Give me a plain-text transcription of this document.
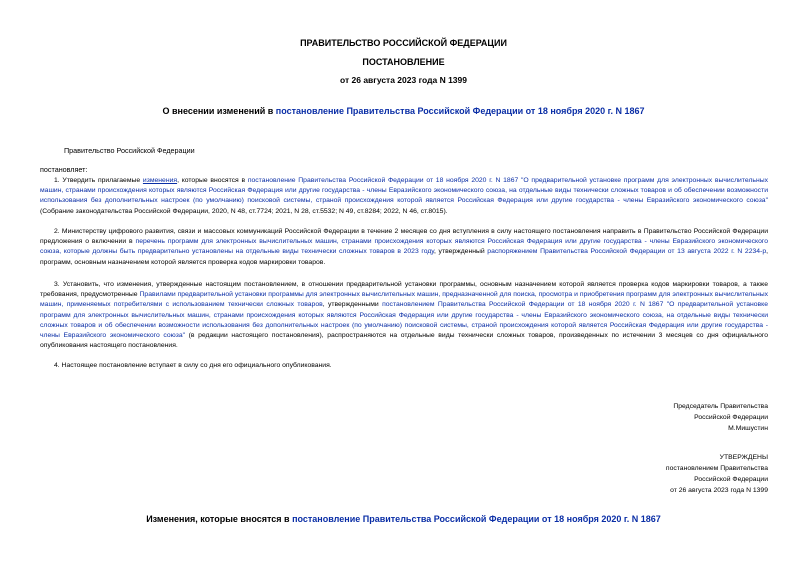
ПРАВИТЕЛЬСТВО РОССИЙСКОЙ ФЕДЕРАЦИИ
ПОСТАНОВЛЕНИЕ
от 26 августа 2023 года N 1399
О внесении изменений в постановление Правительства Российской Федерации от 18 ноября 2020 г. N 1867
Правительство Российской Федерации
постановляет:
1. Утвердить прилагаемые изменения, которые вносятся в постановление Правительства Российской Федерации от 18 ноября 2020 г. N 1867 "О предварительной установке программ для электронных вычислительных машин, странами происхождения которых являются Российская Федерация или другие государства - члены Евразийского экономического союза, на отдельные виды технически сложных товаров и об обеспечении возможности использования без дополнительных настроек (по умолчанию) поисковой системы, страной происхождения которой является Российская Федерация или другие государства - члены Евразийского экономического союза" (Собрание законодательства Российской Федерации, 2020, N 48, ст.7724; 2021, N 28, ст.5532; N 49, ст.8284; 2022, N 46, ст.8015).
2. Министерству цифрового развития, связи и массовых коммуникаций Российской Федерации в течение 2 месяцев со дня вступления в силу настоящего постановления направить в Правительство Российской Федерации предложения о включении в перечень программ для электронных вычислительных машин, странами происхождения которых являются Российская Федерация или другие государства - члены Евразийского экономического союза, которые должны быть предварительно установлены на отдельные виды технически сложных товаров в 2023 году, утвержденный распоряжением Правительства Российской Федерации от 13 августа 2022 г. N 2234-р, программ, основным назначением которой является проверка кодов маркировки товаров.
3. Установить, что изменения, утвержденные настоящим постановлением, в отношении предварительной установки программы, основным назначением которой является проверка кодов маркировки товаров, а также требования, предусмотренные Правилами предварительной установки программы для электронных вычислительных машин, предназначенной для поиска, просмотра и приобретения программ для электронных вычислительных машин, применяемых потребителями с использованием технически сложных товаров, утвержденными постановлением Правительства Российской Федерации от 18 ноября 2020 г. N 1867 "О предварительной установке программ для электронных вычислительных машин, странами происхождения которых являются Российская Федерация или другие государства - члены Евразийского экономического союза, на отдельные виды технически сложных товаров и об обеспечении возможности использования без дополнительных настроек (по умолчанию) поисковой системы, страной происхождения которой является Российская Федерация или другие государства - члены Евразийского экономического союза" (в редакции настоящего постановления), распространяются на отдельные виды технически сложных товаров, произведенных по истечении 3 месяцев со дня официального опубликования настоящего постановления.
4. Настоящее постановление вступает в силу со дня его официального опубликования.
Председатель Правительства
Российской Федерации
М.Мишустин
УТВЕРЖДЕНЫ
постановлением Правительства
Российской Федерации
от 26 августа 2023 года N 1399
Изменения, которые вносятся в постановление Правительства Российской Федерации от 18 ноября 2020 г. N 1867
